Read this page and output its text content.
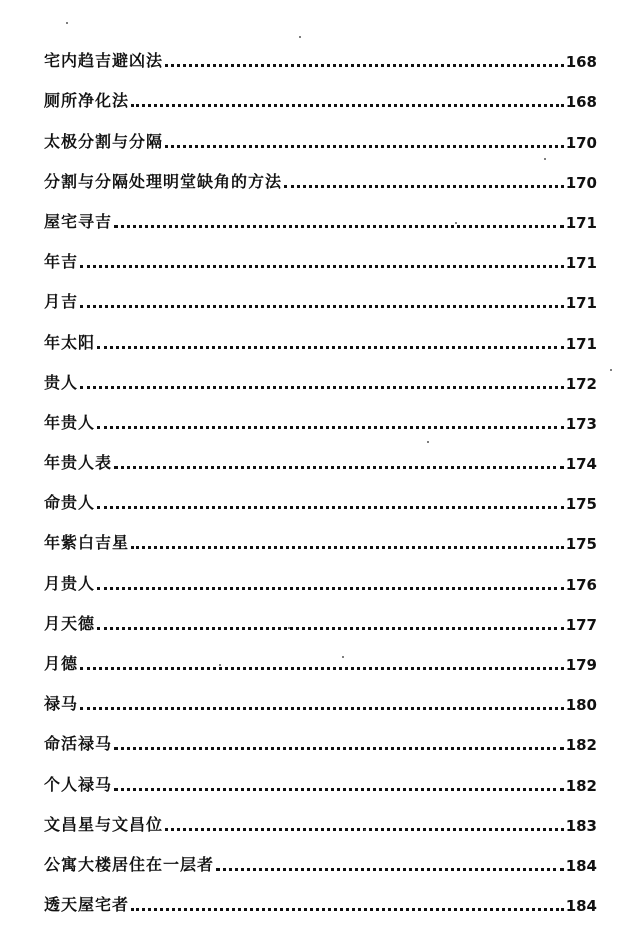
宅内趋吉避凶法	168
厕所净化法	168
太极分割与分隔	170
分割与分隔处理明堂缺角的方法	170
屋宅寻吉	171
年吉	171
月吉	171
年太阳	171
贵人	172
年贵人	173
年贵人表	174
命贵人	175
年紫白吉星	175
月贵人	176
月天德	177
月德	179
禄马	180
命活禄马	182
个人禄马	182
文昌星与文昌位	183
公寓大楼居住在一层者	184
透天屋宅者	184
